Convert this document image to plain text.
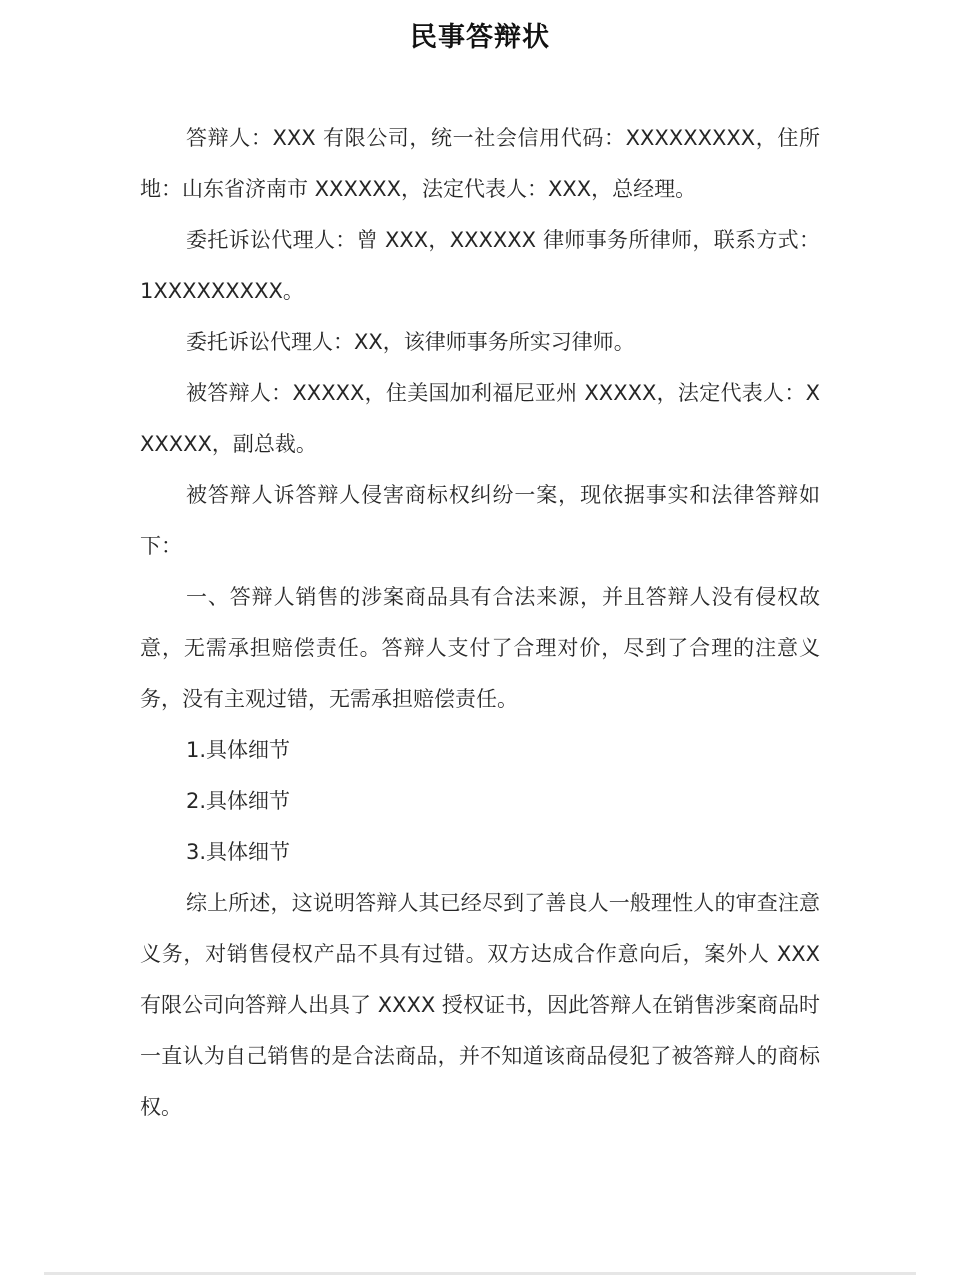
民事答辩状

答辩人：XXX 有限公司，统一社会信用代码：XXXXXXXXX，住所地：山东省济南市 XXXXXX，法定代表人：XXX，总经理。

委托诉讼代理人：曾 XXX，XXXXXX 律师事务所律师，联系方式：1XXXXXXXXX。

委托诉讼代理人：XX，该律师事务所实习律师。

被答辩人：XXXXX，住美国加利福尼亚州 XXXXX，法定代表人：XXXXXX，副总裁。

被答辩人诉答辩人侵害商标权纠纷一案，现依据事实和法律答辩如下：

一、答辩人销售的涉案商品具有合法来源，并且答辩人没有侵权故意，无需承担赔偿责任。答辩人支付了合理对价，尽到了合理的注意义务，没有主观过错，无需承担赔偿责任。

1.具体细节

2.具体细节

3.具体细节

综上所述，这说明答辩人其已经尽到了善良人一般理性人的审查注意义务，对销售侵权产品不具有过错。双方达成合作意向后，案外人 XXX 有限公司向答辩人出具了 XXXX 授权证书，因此答辩人在销售涉案商品时一直认为自己销售的是合法商品，并不知道该商品侵犯了被答辩人的商标权。
